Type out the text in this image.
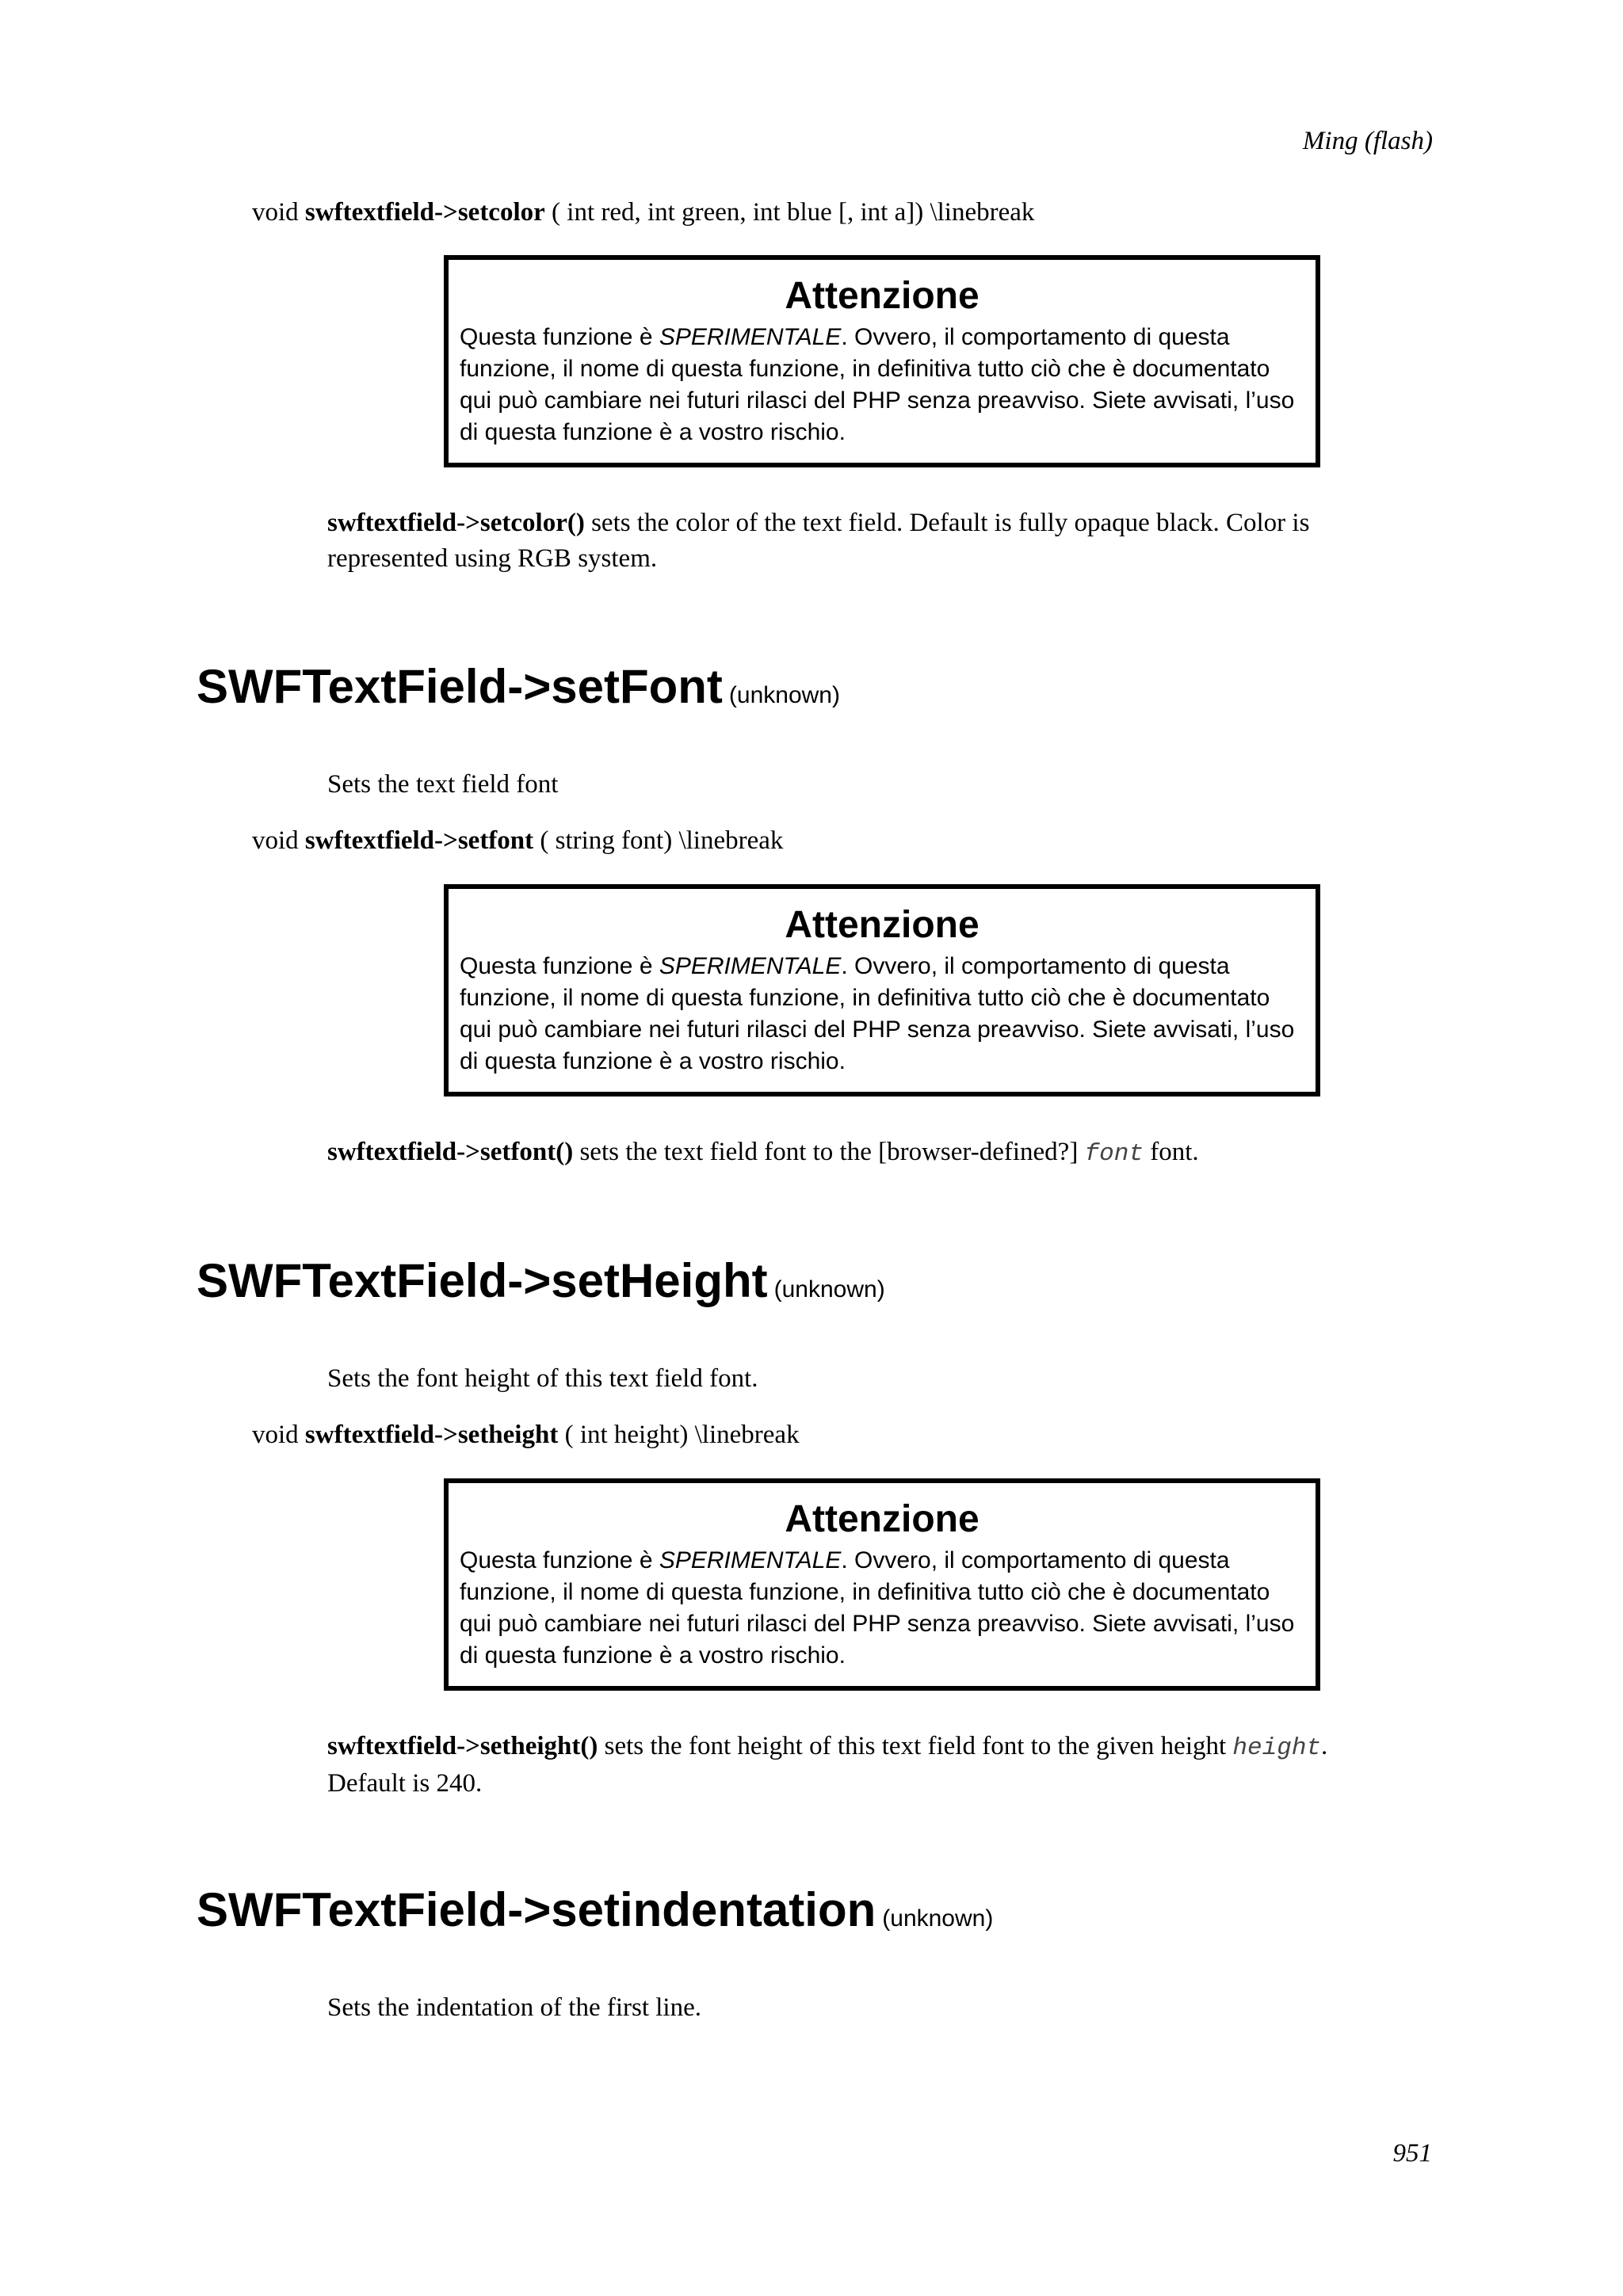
Ming (flash)
void swftextfield->setcolor ( int red, int green, int blue [, int a]) \linebreak
Attenzione
Questa funzione è SPERIMENTALE. Ovvero, il comportamento di questa funzione, il nome di questa funzione, in definitiva tutto ciò che è documentato qui può cambiare nei futuri rilasci del PHP senza preavviso. Siete avvisati, l’uso di questa funzione è a vostro rischio.
swftextfield->setcolor() sets the color of the text field. Default is fully opaque black. Color is represented using RGB system.
SWFTextField->setFont (unknown)
Sets the text field font
void swftextfield->setfont ( string font) \linebreak
Attenzione
Questa funzione è SPERIMENTALE. Ovvero, il comportamento di questa funzione, il nome di questa funzione, in definitiva tutto ciò che è documentato qui può cambiare nei futuri rilasci del PHP senza preavviso. Siete avvisati, l’uso di questa funzione è a vostro rischio.
swftextfield->setfont() sets the text field font to the [browser-defined?] font font.
SWFTextField->setHeight (unknown)
Sets the font height of this text field font.
void swftextfield->setheight ( int height) \linebreak
Attenzione
Questa funzione è SPERIMENTALE. Ovvero, il comportamento di questa funzione, il nome di questa funzione, in definitiva tutto ciò che è documentato qui può cambiare nei futuri rilasci del PHP senza preavviso. Siete avvisati, l’uso di questa funzione è a vostro rischio.
swftextfield->setheight() sets the font height of this text field font to the given height height. Default is 240.
SWFTextField->setindentation (unknown)
Sets the indentation of the first line.
951
